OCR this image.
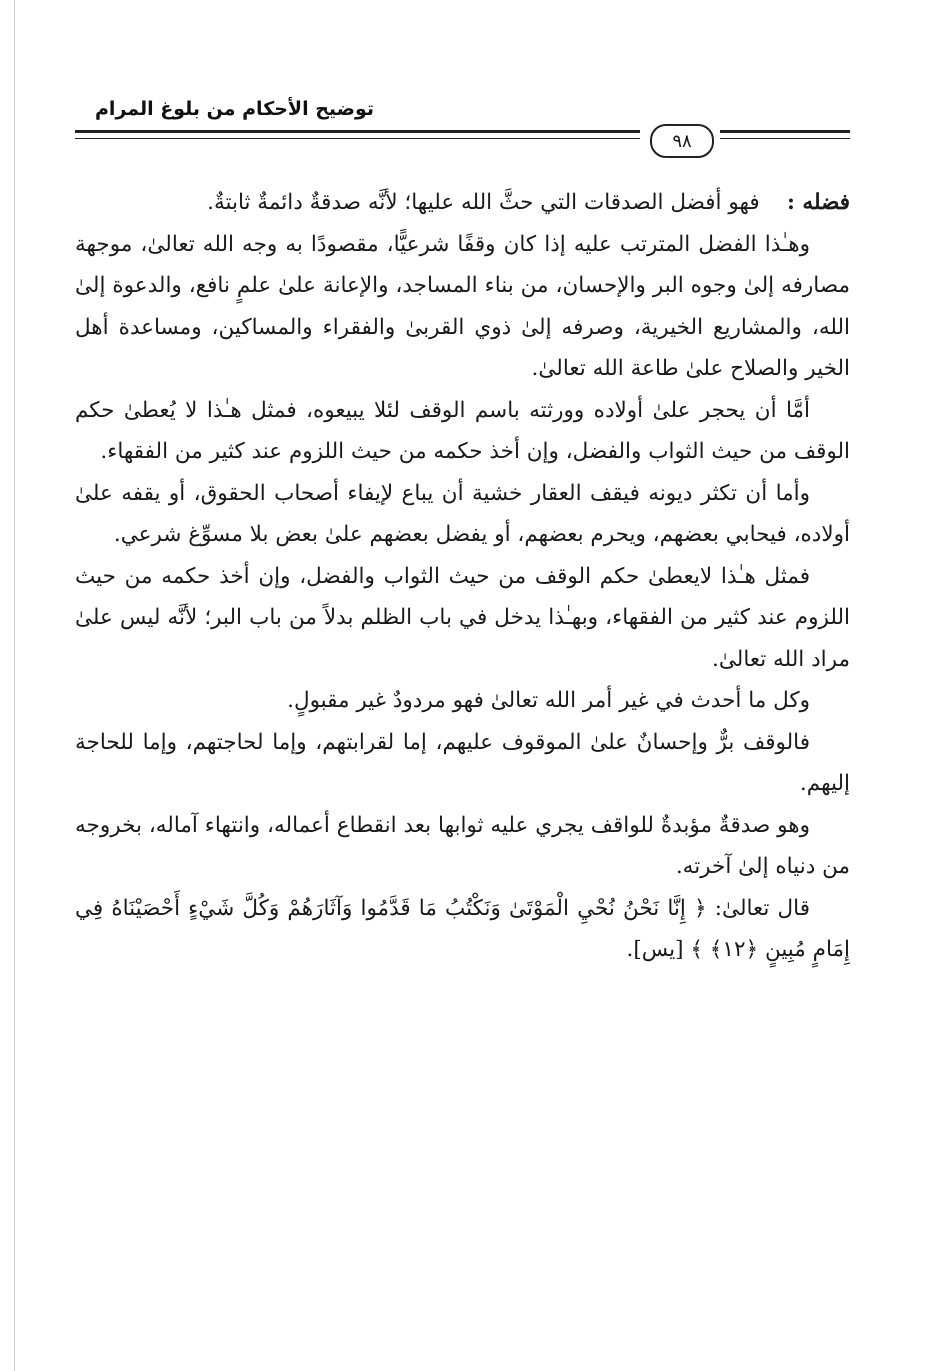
توضيح الأحكام من بلوغ المرام
٩٨

فضله :    فهو أفضل الصدقات التي حثَّ الله عليها؛ لأنَّه صدقةٌ دائمةٌ ثابتةٌ.

وهـٰذا الفضل المترتب عليه إذا كان وقفًا شرعيًّا، مقصودًا به وجه الله تعالىٰ، موجهة مصارفه إلىٰ وجوه البر والإحسان، من بناء المساجد، والإعانة علىٰ علمٍ نافع، والدعوة إلىٰ الله، والمشاريع الخيرية، وصرفه إلىٰ ذوي القربىٰ والفقراء والمساكين، ومساعدة أهل الخير والصلاح علىٰ طاعة الله تعالىٰ.

أمَّا أن يحجر علىٰ أولاده وورثته باسم الوقف لئلا يبيعوه، فمثل هـٰذا لا يُعطىٰ حكم الوقف من حيث الثواب والفضل، وإن أخذ حكمه من حيث اللزوم عند كثير من الفقهاء.

وأما أن تكثر ديونه فيقف العقار خشية أن يباع لإيفاء أصحاب الحقوق، أو يقفه علىٰ أولاده، فيحابي بعضهم، ويحرم بعضهم، أو يفضل بعضهم علىٰ بعض بلا مسوِّغ شرعي.

فمثل هـٰذا لايعطىٰ حكم الوقف من حيث الثواب والفضل، وإن أخذ حكمه من حيث اللزوم عند كثير من الفقهاء، وبهـٰذا يدخل في باب الظلم بدلاً من باب البر؛ لأنَّه ليس علىٰ مراد الله تعالىٰ.

وكل ما أحدث في غير أمر الله تعالىٰ فهو مردودٌ غير مقبولٍ.

فالوقف برٌّ وإحسانٌ علىٰ الموقوف عليهم، إما لقرابتهم، وإما لحاجتهم، وإما للحاجة إليهم.

وهو صدقةٌ مؤبدةٌ للواقف يجري عليه ثوابها بعد انقطاع أعماله، وانتهاء آماله، بخروجه من دنياه إلىٰ آخرته.

قال تعالىٰ: ﴿ إِنَّا نَحْنُ نُحْيِ الْمَوْتَىٰ وَنَكْتُبُ مَا قَدَّمُوا وَآثَارَهُمْ وَكُلَّ شَيْءٍ أَحْصَيْنَاهُ فِي إِمَامٍ مُبِينٍ ﴿١٢﴾ ﴾ [يس].
